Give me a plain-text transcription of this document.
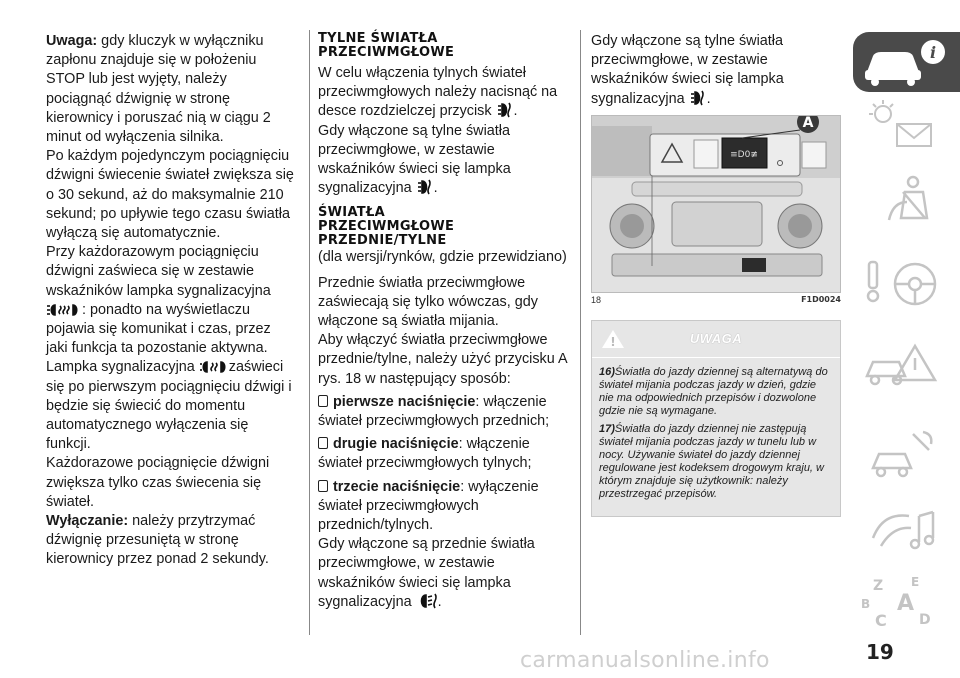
Uwaga: gdy kluczyk w wyłączniku zapłonu znajduje się w położeniu STOP lub jest wyjęty, należy pociągnąć dźwignię w stronę kierownicy i poruszać nią w ciągu 2 minut od wyłączenia silnika.

Po każdym pojedynczym pociągnięciu dźwigni świecenie świateł zwiększa się o 30 sekund, aż do maksymalnie 210 sekund; po upływie tego czasu światła wyłączą się automatycznie.

Przy każdorazowym pociągnięciu dźwigni zaświeca się w zestawie wskaźników lampka sygnalizacyjna

: ponadto na wyświetlaczu pojawia się komunikat i czas, przez jaki funkcja ta pozostanie aktywna.

Lampka sygnalizacyjna zaświeci się po pierwszym pociągnięciu dźwigi i będzie się świecić do momentu automatycznego wyłączenia się funkcji.

Każdorazowe pociągnięcie dźwigni zwiększa tylko czas świecenia się świateł.

Wyłączanie: należy przytrzymać dźwignię przesuniętą w stronę kierownicy przez ponad 2 sekundy.

TYLNE ŚWIATŁA
PRZECIWMGŁOWE

W celu włączenia tylnych świateł przeciwmgłowych należy nacisnąć na desce rozdzielczej przycisk .

Gdy włączone są tylne światła przeciwmgłowe, w zestawie wskaźników świeci się lampka sygnalizacyjna .

ŚWIATŁA
PRZECIWMGŁOWE
PRZEDNIE/TYLNE

(dla wersji/rynków, gdzie przewidziano)

Przednie światła przeciwmgłowe zaświecają się tylko wówczas, gdy włączone są światła mijania.

Aby włączyć światła przeciwmgłowe przednie/tylne, należy użyć przycisku A rys. 18 w następujący sposób:

pierwsze naciśnięcie: włączenie świateł przeciwmgłowych przednich;

drugie naciśnięcie: włączenie świateł przeciwmgłowych tylnych;

trzecie naciśnięcie: wyłączenie świateł przeciwmgłowych przednich/tylnych.

Gdy włączone są przednie światła przeciwmgłowe, w zestawie wskaźników świeci się lampka sygnalizacyjna .

Gdy włączone są tylne światła przeciwmgłowe, w zestawie wskaźników świeci się lampka sygnalizacyjna .

≡D0≢
A
18	F1D0024
!	UWAGA

16)Światła do jazdy dziennej są alternatywą do świateł mijania podczas jazdy w dzień, gdzie nie ma odpowiednich przepisów i dozwolone gdzie nie są wymagane.

17)Światła do jazdy dziennej nie zastępują świateł mijania podczas jazdy w tunelu lub w nocy. Używanie świateł do jazdy dziennej regulowane jest kodeksem drogowym kraju, w którym znajduje się użytkownik: należy przestrzegać przepisów.

i
Z E
B A
C D
19
carmanualsonline.info
